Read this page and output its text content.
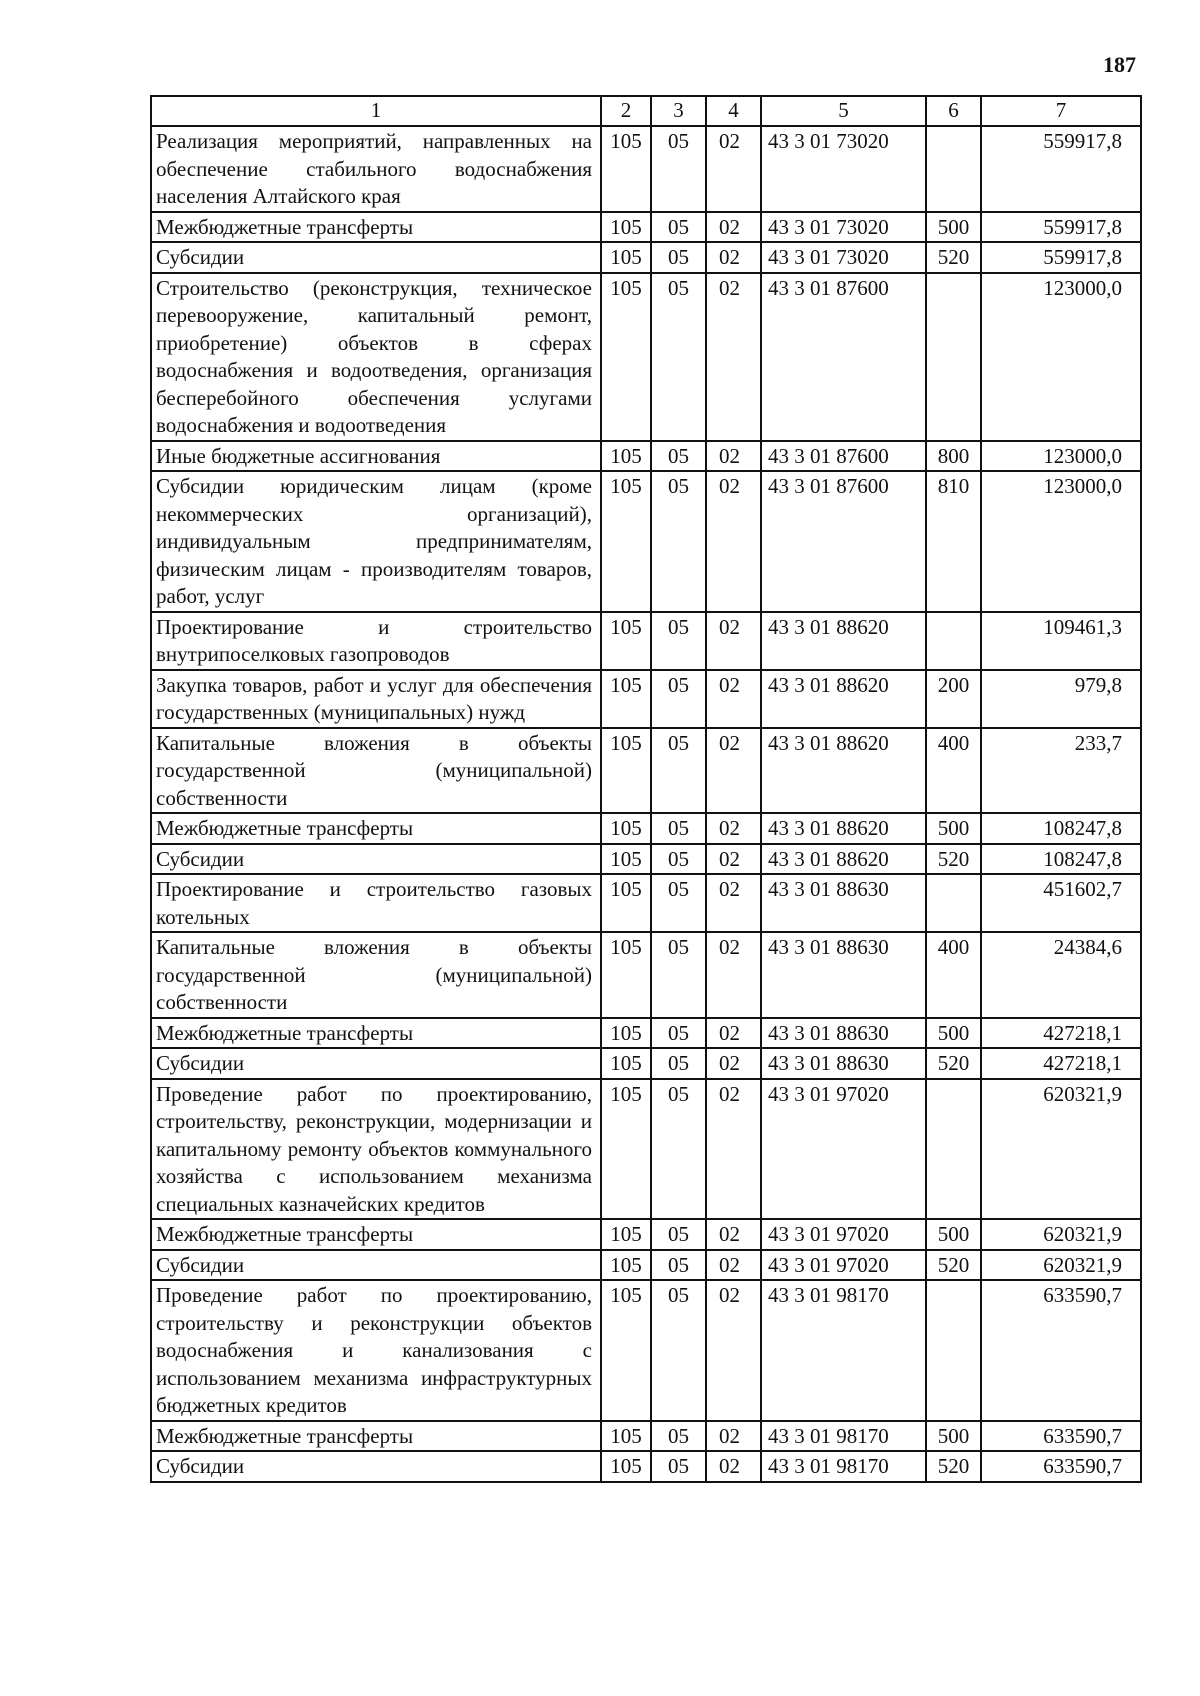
187
1	2	3	4	5	6	7
Реализация мероприятий, направленных на обеспечение стабильного водоснабжения населения Алтайского края	105	05	02	43 3 01 73020		559917,8
Межбюджетные трансферты	105	05	02	43 3 01 73020	500	559917,8
Субсидии	105	05	02	43 3 01 73020	520	559917,8
Строительство (реконструкция, техническое перевооружение, капитальный ремонт, приобретение) объектов в сферах водоснабжения и водоотведения, организация бесперебойного обеспечения услугами водоснабжения и водоотведения	105	05	02	43 3 01 87600		123000,0
Иные бюджетные ассигнования	105	05	02	43 3 01 87600	800	123000,0
Субсидии юридическим лицам (кроме некоммерческих организаций), индивидуальным предпринимателям, физическим лицам - производителям товаров, работ, услуг	105	05	02	43 3 01 87600	810	123000,0
Проектирование и строительство внутрипоселковых газопроводов	105	05	02	43 3 01 88620		109461,3
Закупка товаров, работ и услуг для обеспечения государственных (муниципальных) нужд	105	05	02	43 3 01 88620	200	979,8
Капитальные вложения в объекты государственной (муниципальной) собственности	105	05	02	43 3 01 88620	400	233,7
Межбюджетные трансферты	105	05	02	43 3 01 88620	500	108247,8
Субсидии	105	05	02	43 3 01 88620	520	108247,8
Проектирование и строительство газовых котельных	105	05	02	43 3 01 88630		451602,7
Капитальные вложения в объекты государственной (муниципальной) собственности	105	05	02	43 3 01 88630	400	24384,6
Межбюджетные трансферты	105	05	02	43 3 01 88630	500	427218,1
Субсидии	105	05	02	43 3 01 88630	520	427218,1
Проведение работ по проектированию, строительству, реконструкции, модернизации и капитальному ремонту объектов коммунального хозяйства с использованием механизма специальных казначейских кредитов	105	05	02	43 3 01 97020		620321,9
Межбюджетные трансферты	105	05	02	43 3 01 97020	500	620321,9
Субсидии	105	05	02	43 3 01 97020	520	620321,9
Проведение работ по проектированию, строительству и реконструкции объектов водоснабжения и канализования с использованием механизма инфраструктурных бюджетных кредитов	105	05	02	43 3 01 98170		633590,7
Межбюджетные трансферты	105	05	02	43 3 01 98170	500	633590,7
Субсидии	105	05	02	43 3 01 98170	520	633590,7
